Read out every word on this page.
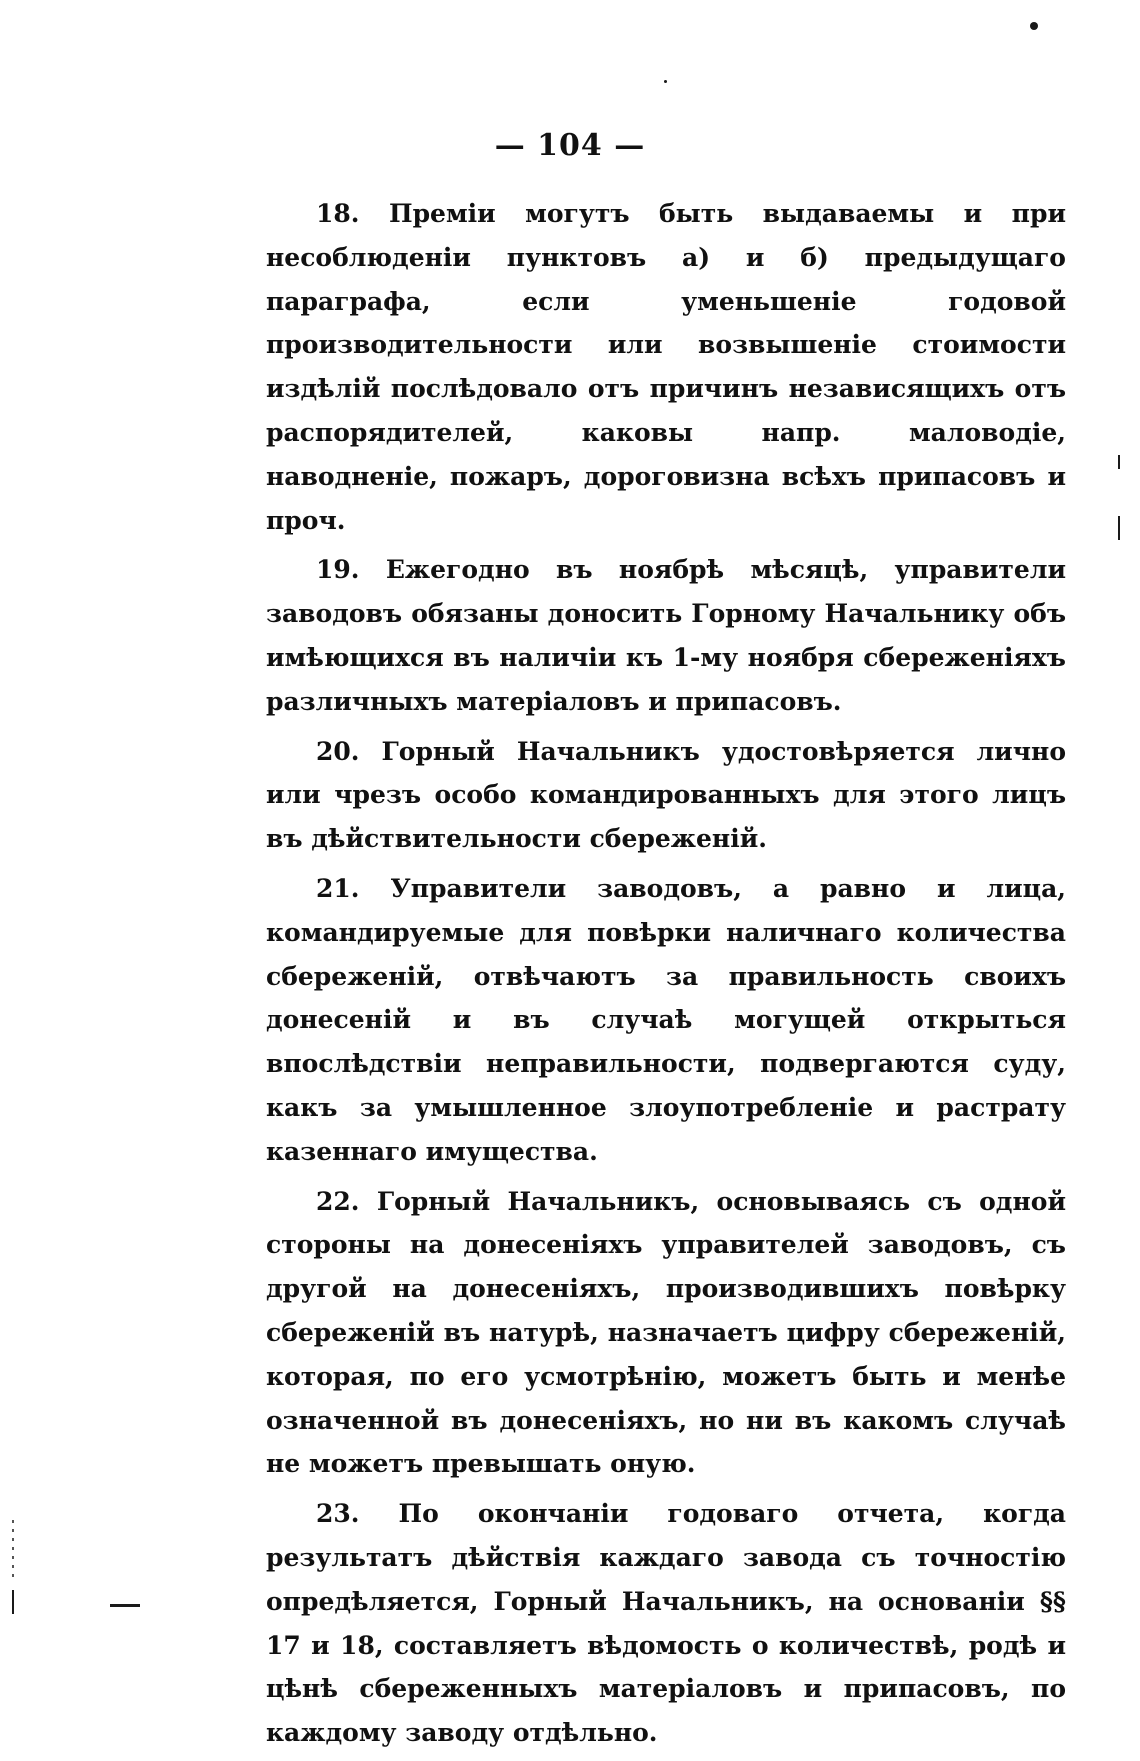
— 104 —

18. Преміи могутъ быть выдаваемы и при несоблюденіи пунктовъ а) и б) предыдущаго параграфа, если уменьшеніе годовой производительности или возвышеніе стоимости издѣлій послѣдовало отъ причинъ независящихъ отъ распорядителей, каковы напр. маловодіе, наводненіе, пожаръ, дороговизна всѣхъ припасовъ и проч.

19. Ежегодно въ ноябрѣ мѣсяцѣ, управители заводовъ обязаны доносить Горному Начальнику объ имѣющихся въ наличіи къ 1-му ноября сбереженіяхъ различныхъ матеріаловъ и припасовъ.

20. Горный Начальникъ удостовѣряется лично или чрезъ особо командированныхъ для этого лицъ въ дѣйствительности сбереженій.

21. Управители заводовъ, а равно и лица, командируемые для повѣрки наличнаго количества сбереженій, отвѣчаютъ за правильность своихъ донесеній и въ случаѣ могущей открыться впослѣдствіи неправильности, подвергаются суду, какъ за умышленное злоупотребленіе и растрату казеннаго имущества.

22. Горный Начальникъ, основываясь съ одной стороны на донесеніяхъ управителей заводовъ, съ другой на донесеніяхъ, производившихъ повѣрку сбереженій въ натурѣ, назначаетъ цифру сбереженій, которая, по его усмотрѣнію, можетъ быть и менѣе означенной въ донесеніяхъ, но ни въ какомъ случаѣ не можетъ превышать оную.

23. По окончаніи годоваго отчета, когда результатъ дѣйствія каждаго завода съ точностію опредѣляется, Горный Начальникъ, на основаніи §§ 17 и 18, составляетъ вѣдомость о количествѣ, родѣ и цѣнѣ сбереженныхъ матеріаловъ и припасовъ, по каждому заводу отдѣльно.
